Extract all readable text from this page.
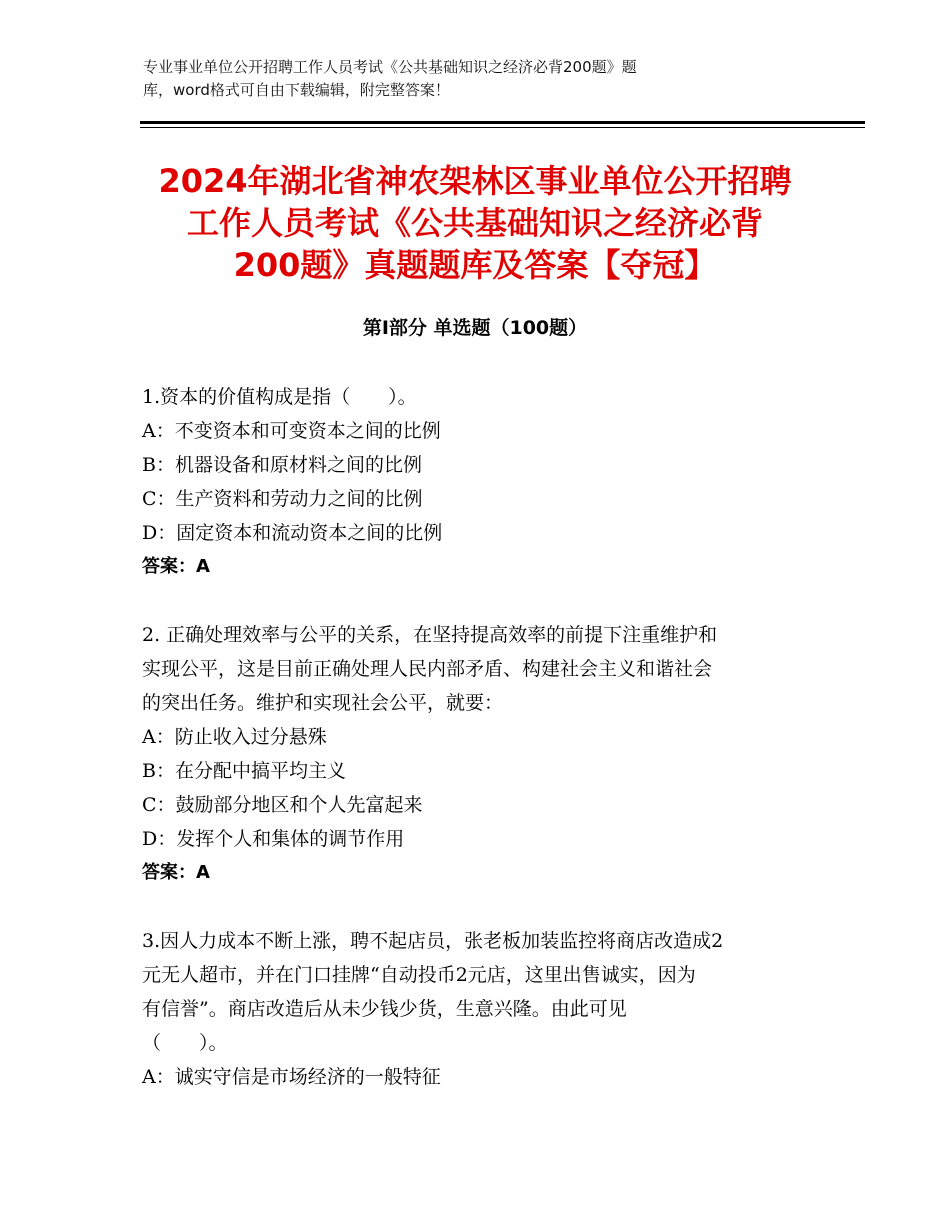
专业事业单位公开招聘工作人员考试《公共基础知识之经济必背200题》题
库，word格式可自由下载编辑，附完整答案！
2024年湖北省神农架林区事业单位公开招聘
工作人员考试《公共基础知识之经济必背
200题》真题题库及答案【夺冠】
第Ⅰ部分 单选题（100题）

1.资本的价值构成是指（　　）。

A：不变资本和可变资本之间的比例

B：机器设备和原材料之间的比例

C：生产资料和劳动力之间的比例

D：固定资本和流动资本之间的比例

答案：A

2. 正确处理效率与公平的关系，在坚持提高效率的前提下注重维护和

实现公平，这是目前正确处理人民内部矛盾、构建社会主义和谐社会

的突出任务。维护和实现社会公平，就要：

A：防止收入过分悬殊

B：在分配中搞平均主义

C：鼓励部分地区和个人先富起来

D：发挥个人和集体的调节作用

答案：A

3.因人力成本不断上涨，聘不起店员，张老板加装监控将商店改造成2

元无人超市，并在门口挂牌“自动投币2元店，这里出售诚实，因为

有信誉”。商店改造后从未少钱少货，生意兴隆。由此可见

（　　）。

A：诚实守信是市场经济的一般特征
